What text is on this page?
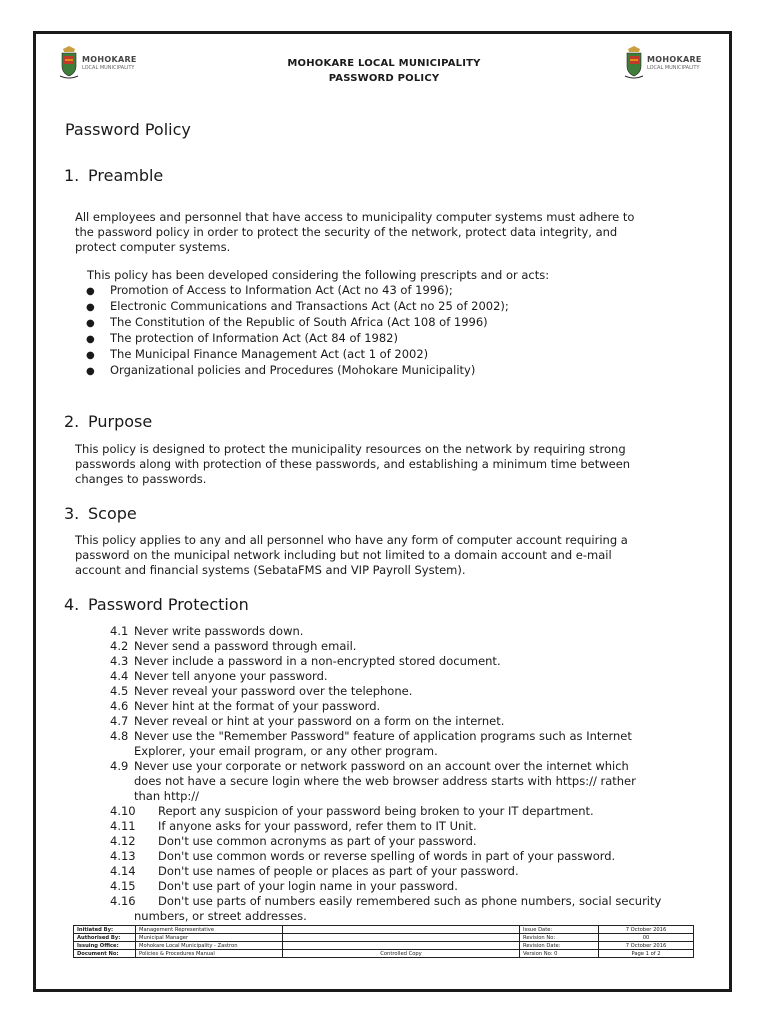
MOHOKARE
LOCAL MUNICIPALITY
MOHOKARE
LOCAL MUNICIPALITY
MOHOKARE LOCAL MUNICIPALITY
PASSWORD POLICY
Password Policy
1. Preamble
All employees and personnel that have access to municipality computer systems must adhere to
the password policy in order to protect the security of the network, protect data integrity, and
protect computer systems.
This policy has been developed considering the following prescripts and or acts:
● Promotion of Access to Information Act (Act no 43 of 1996);
● Electronic Communications and Transactions Act (Act no 25 of 2002);
● The Constitution of the Republic of South Africa (Act 108 of 1996)
● The protection of Information Act (Act 84 of 1982)
● The Municipal Finance Management Act (act 1 of 2002)
● Organizational policies and Procedures (Mohokare Municipality)
2. Purpose
This policy is designed to protect the municipality resources on the network by requiring strong
passwords along with protection of these passwords, and establishing a minimum time between
changes to passwords.
3. Scope
This policy applies to any and all personnel who have any form of computer account requiring a
password on the municipal network including but not limited to a domain account and e-mail
account and financial systems (SebataFMS and VIP Payroll System).
4. Password Protection
4.1 Never write passwords down.
4.2 Never send a password through email.
4.3 Never include a password in a non-encrypted stored document.
4.4 Never tell anyone your password.
4.5 Never reveal your password over the telephone.
4.6 Never hint at the format of your password.
4.7 Never reveal or hint at your password on a form on the internet.
4.8 Never use the "Remember Password" feature of application programs such as Internet
Explorer, your email program, or any other program.
4.9 Never use your corporate or network password on an account over the internet which
does not have a secure login where the web browser address starts with https:// rather
than http://
4.10 Report any suspicion of your password being broken to your IT department.
4.11 If anyone asks for your password, refer them to IT Unit.
4.12 Don't use common acronyms as part of your password.
4.13 Don't use common words or reverse spelling of words in part of your password.
4.14 Don't use names of people or places as part of your password.
4.15 Don't use part of your login name in your password.
4.16 Don't use parts of numbers easily remembered such as phone numbers, social security
numbers, or street addresses.
Initiated By:	Management Representative		Issue Date:	7 October 2016
Authorised By:	Municipal Manager		Revision No:	00
Issuing Office:	Mohokare Local Municipality - Zastron		Revision Date:	7 October 2016
Document No:	Policies & Procedures Manual	Controlled Copy	Version No: 0	Page 1 of 2
